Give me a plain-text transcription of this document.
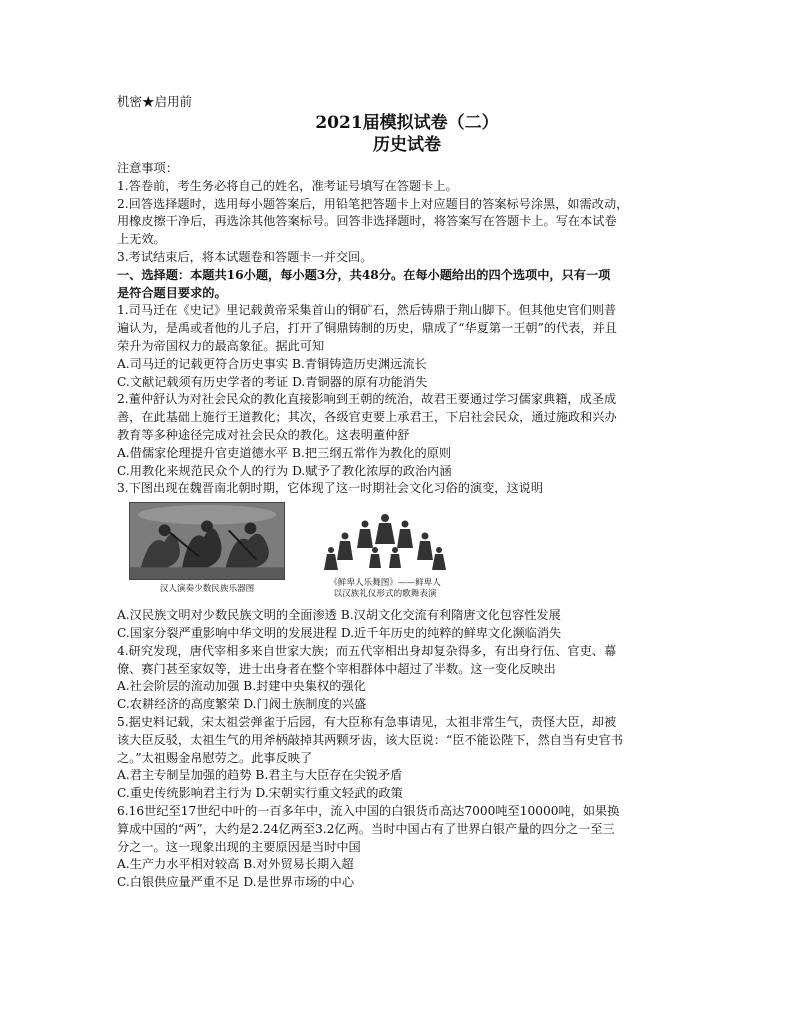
机密★启用前
2021届模拟试卷（二）
历史试卷
注意事项：
1.答卷前，考生务必将自己的姓名，准考证号填写在答题卡上。
2.回答选择题时，选用每小题答案后，用铅笔把答题卡上对应题目的答案标号涂黑，如需改动，
用橡皮擦干净后，再选涂其他答案标号。回答非选择题时，将答案写在答题卡上。写在本试卷
上无效。
3.考试结束后，将本试题卷和答题卡一并交回。
一、选择题：本题共16小题，每小题3分，共48分。在每小题给出的四个选项中，只有一项
是符合题目要求的。
1.司马迁在《史记》里记载黄帝采集首山的铜矿石，然后铸鼎于荆山脚下。但其他史官们则普
遍认为，是禹或者他的儿子启，打开了铜鼎铸制的历史，鼎成了“华夏第一王朝”的代表，并且
荣升为帝国权力的最高象征。据此可知
A.司马迁的记载更符合历史事实 B.青铜铸造历史渊远流长
C.文献记载须有历史学者的考证 D.青铜器的原有功能消失
2.董仲舒认为对社会民众的教化直接影响到王朝的统治，故君王要通过学习儒家典籍，成圣成
善，在此基础上施行王道教化；其次，各级官吏要上承君王，下启社会民众，通过施政和兴办
教育等多种途径完成对社会民众的教化。这表明董仲舒
A.借儒家伦理提升官吏道德水平 B.把三纲五常作为教化的原则
C.用教化来规范民众个人的行为 D.赋予了教化浓厚的政治内涵
3.下图出现在魏晋南北朝时期，它体现了这一时期社会文化习俗的演变，这说明
汉人演奏少数民族乐器图
《鲜卑人乐舞图》——鲜卑人
以汉族礼仪形式的歌舞表演
A.汉民族文明对少数民族文明的全面渗透 B.汉胡文化交流有利隋唐文化包容性发展
C.国家分裂严重影响中华文明的发展进程 D.近千年历史的纯粹的鲜卑文化濒临消失
4.研究发现，唐代宰相多来自世家大族；而五代宰相出身却复杂得多，有出身行伍、官吏、幕
僚、赛门甚至家奴等，进士出身者在整个宰相群体中超过了半数。这一变化反映出
A.社会阶层的流动加强 B.封建中央集权的强化
C.农耕经济的高度繁荣 D.门阀士族制度的兴盛
5.据史料记载，宋太祖尝弹雀于后园，有大臣称有急事请见，太祖非常生气，责怪大臣，却被
该大臣反驳，太祖生气的用斧柄敲掉其两颗牙齿，该大臣说：“臣不能讼陛下，然自当有史官书
之。”太祖赐金帛慰劳之。此事反映了
A.君主专制呈加强的趋势 B.君主与大臣存在尖锐矛盾
C.重史传统影响君主行为 D.宋朝实行重文轻武的政策
6.16世纪至17世纪中叶的一百多年中，流入中国的白银货币高达7000吨至10000吨，如果换
算成中国的“两”，大约是2.24亿两至3.2亿两。当时中国占有了世界白银产量的四分之一至三
分之一。这一现象出现的主要原因是当时中国
A.生产力水平相对较高 B.对外贸易长期入超
C.白银供应量严重不足 D.是世界市场的中心
